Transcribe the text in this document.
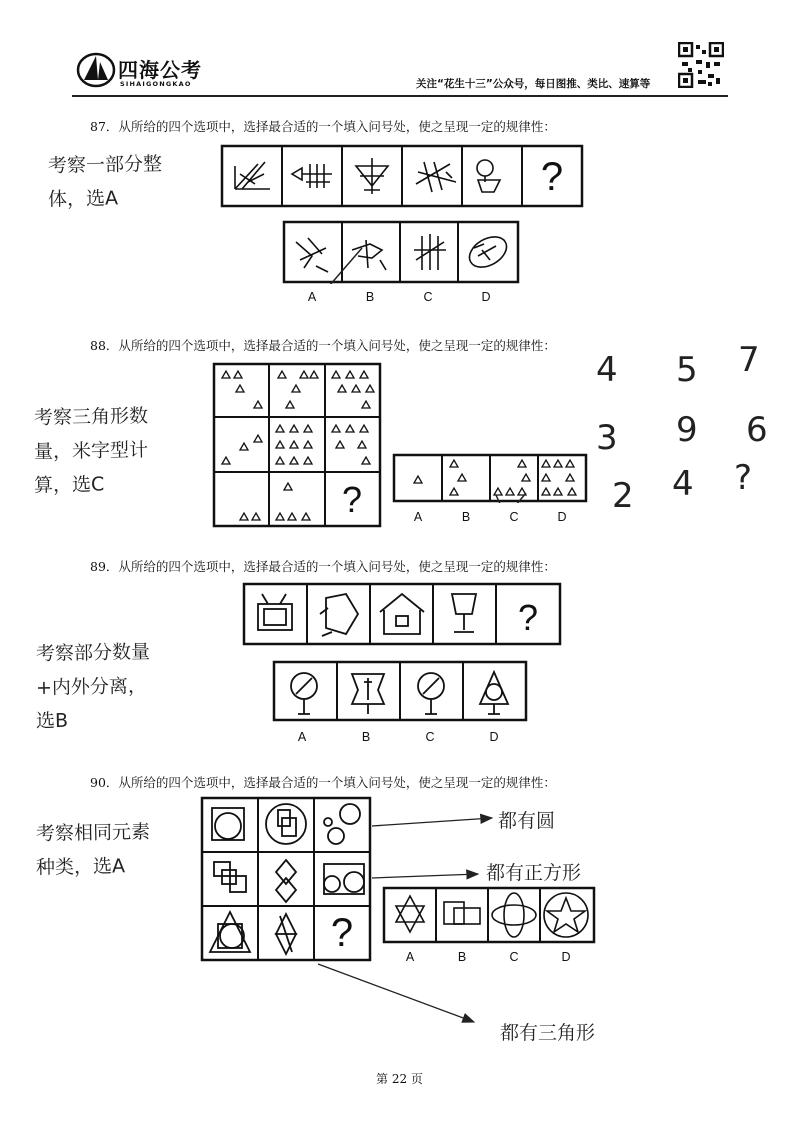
四海公考
SIHAIGONGKAO	关注“花生十三”公众号，每日图推、类比、速算等
87．从所给的四个选项中，选择最合适的一个填入问号处，使之呈现一定的规律性：
考察一部分整
体，选A	?
A	B	C	D
88．从所给的四个选项中，选择最合适的一个填入问号处，使之呈现一定的规律性：
考察三角形数
量，米字型计
算，选C	?	A	B	C	D
4 5 7
3 9 6
2 4 ?
89．从所给的四个选项中，选择最合适的一个填入问号处，使之呈现一定的规律性：
考察部分数量
+内外分离，
选B
?
A	B	C	D
90．从所给的四个选项中，选择最合适的一个填入问号处，使之呈现一定的规律性：
考察相同元素
种类，选A
?
A	B	C	D
都有圆
都有正方形
都有三角形
第 22 页
